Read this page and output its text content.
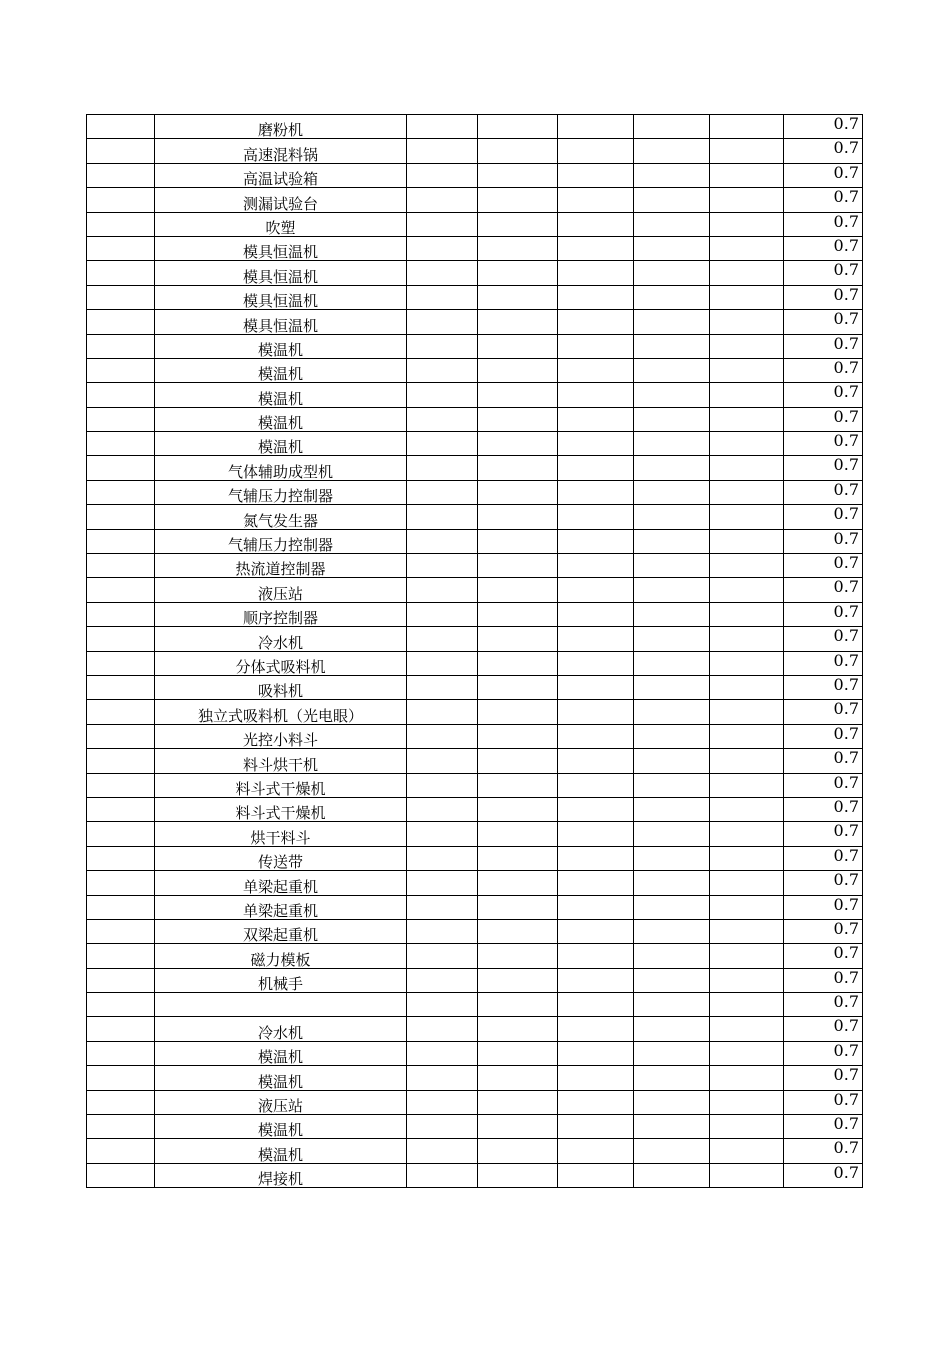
	磨粉机						0.7
	高速混料锅						0.7
	高温试验箱						0.7
	测漏试验台						0.7
	吹塑						0.7
	模具恒温机						0.7
	模具恒温机						0.7
	模具恒温机						0.7
	模具恒温机						0.7
	模温机						0.7
	模温机						0.7
	模温机						0.7
	模温机						0.7
	模温机						0.7
	气体辅助成型机						0.7
	气辅压力控制器						0.7
	氮气发生器						0.7
	气辅压力控制器						0.7
	热流道控制器						0.7
	液压站						0.7
	顺序控制器						0.7
	冷水机						0.7
	分体式吸料机						0.7
	吸料机						0.7
	独立式吸料机（光电眼）						0.7
	光控小料斗						0.7
	料斗烘干机						0.7
	料斗式干燥机						0.7
	料斗式干燥机						0.7
	烘干料斗						0.7
	传送带						0.7
	单梁起重机						0.7
	单梁起重机						0.7
	双梁起重机						0.7
	磁力模板						0.7
	机械手						0.7
							0.7
	冷水机						0.7
	模温机						0.7
	模温机						0.7
	液压站						0.7
	模温机						0.7
	模温机						0.7
	焊接机						0.7
